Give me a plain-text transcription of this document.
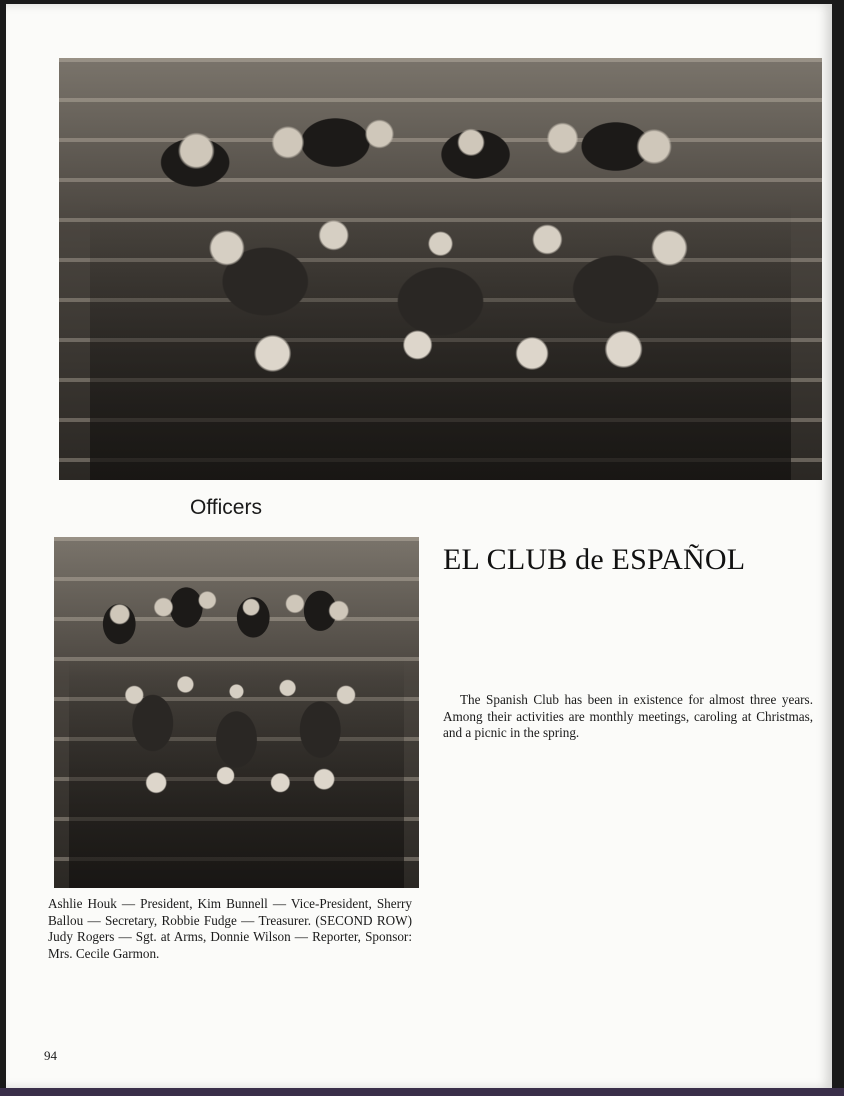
Officers
EL CLUB de ESPAÑOL
The Spanish Club has been in existence for almost three years. Among their activities are monthly meetings, caroling at Christmas, and a picnic in the spring.
Ashlie Houk — President, Kim Bunnell — Vice-President, Sherry Ballou — Secretary, Robbie Fudge — Treasurer. (SECOND ROW) Judy Rogers — Sgt. at Arms, Donnie Wilson — Reporter, Sponsor: Mrs. Cecile Garmon.
94
